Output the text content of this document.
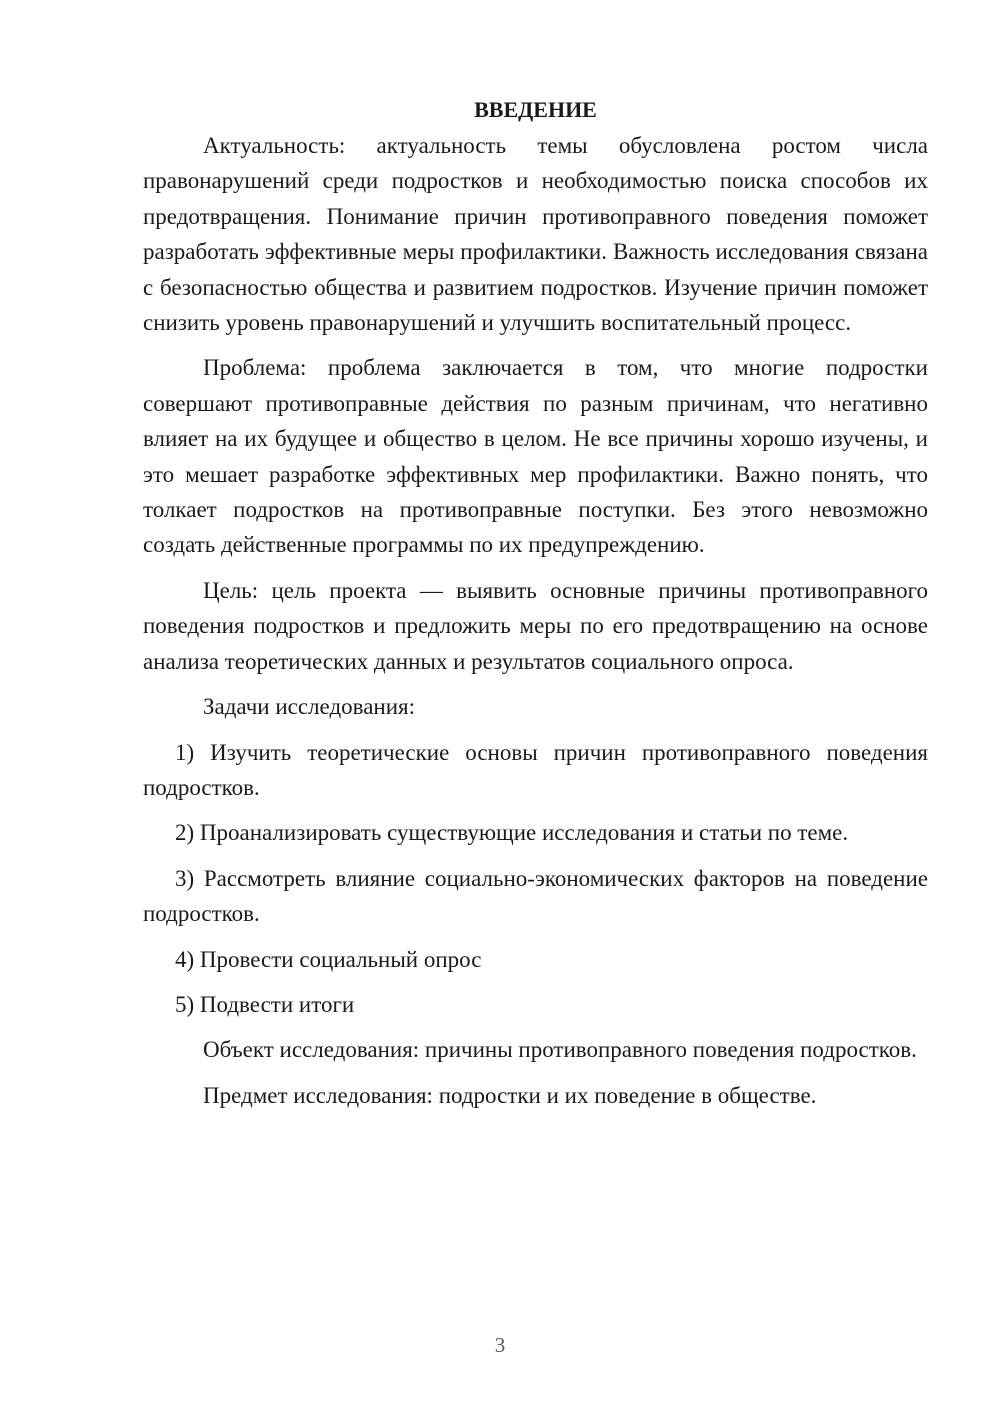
ВВЕДЕНИЕ

Актуальность: актуальность темы обусловлена ростом числа правонарушений среди подростков и необходимостью поиска способов их предотвращения. Понимание причин противоправного поведения поможет разработать эффективные меры профилактики. Важность исследования связана с безопасностью общества и развитием подростков. Изучение причин поможет снизить уровень правонарушений и улучшить воспитательный процесс.

Проблема: проблема заключается в том, что многие подростки совершают противоправные действия по разным причинам, что негативно влияет на их будущее и общество в целом. Не все причины хорошо изучены, и это мешает разработке эффективных мер профилактики. Важно понять, что толкает подростков на противоправные поступки. Без этого невозможно создать действенные программы по их предупреждению.

Цель: цель проекта — выявить основные причины противоправного поведения подростков и предложить меры по его предотвращению на основе анализа теоретических данных и результатов социального опроса.

Задачи исследования:

1) Изучить теоретические основы причин противоправного поведения подростков.

2) Проанализировать существующие исследования и статьи по теме.

3) Рассмотреть влияние социально-экономических факторов на поведение подростков.

4) Провести социальный опрос

5) Подвести итоги

Объект исследования: причины противоправного поведения подростков.

Предмет исследования: подростки и их поведение в обществе.

3
